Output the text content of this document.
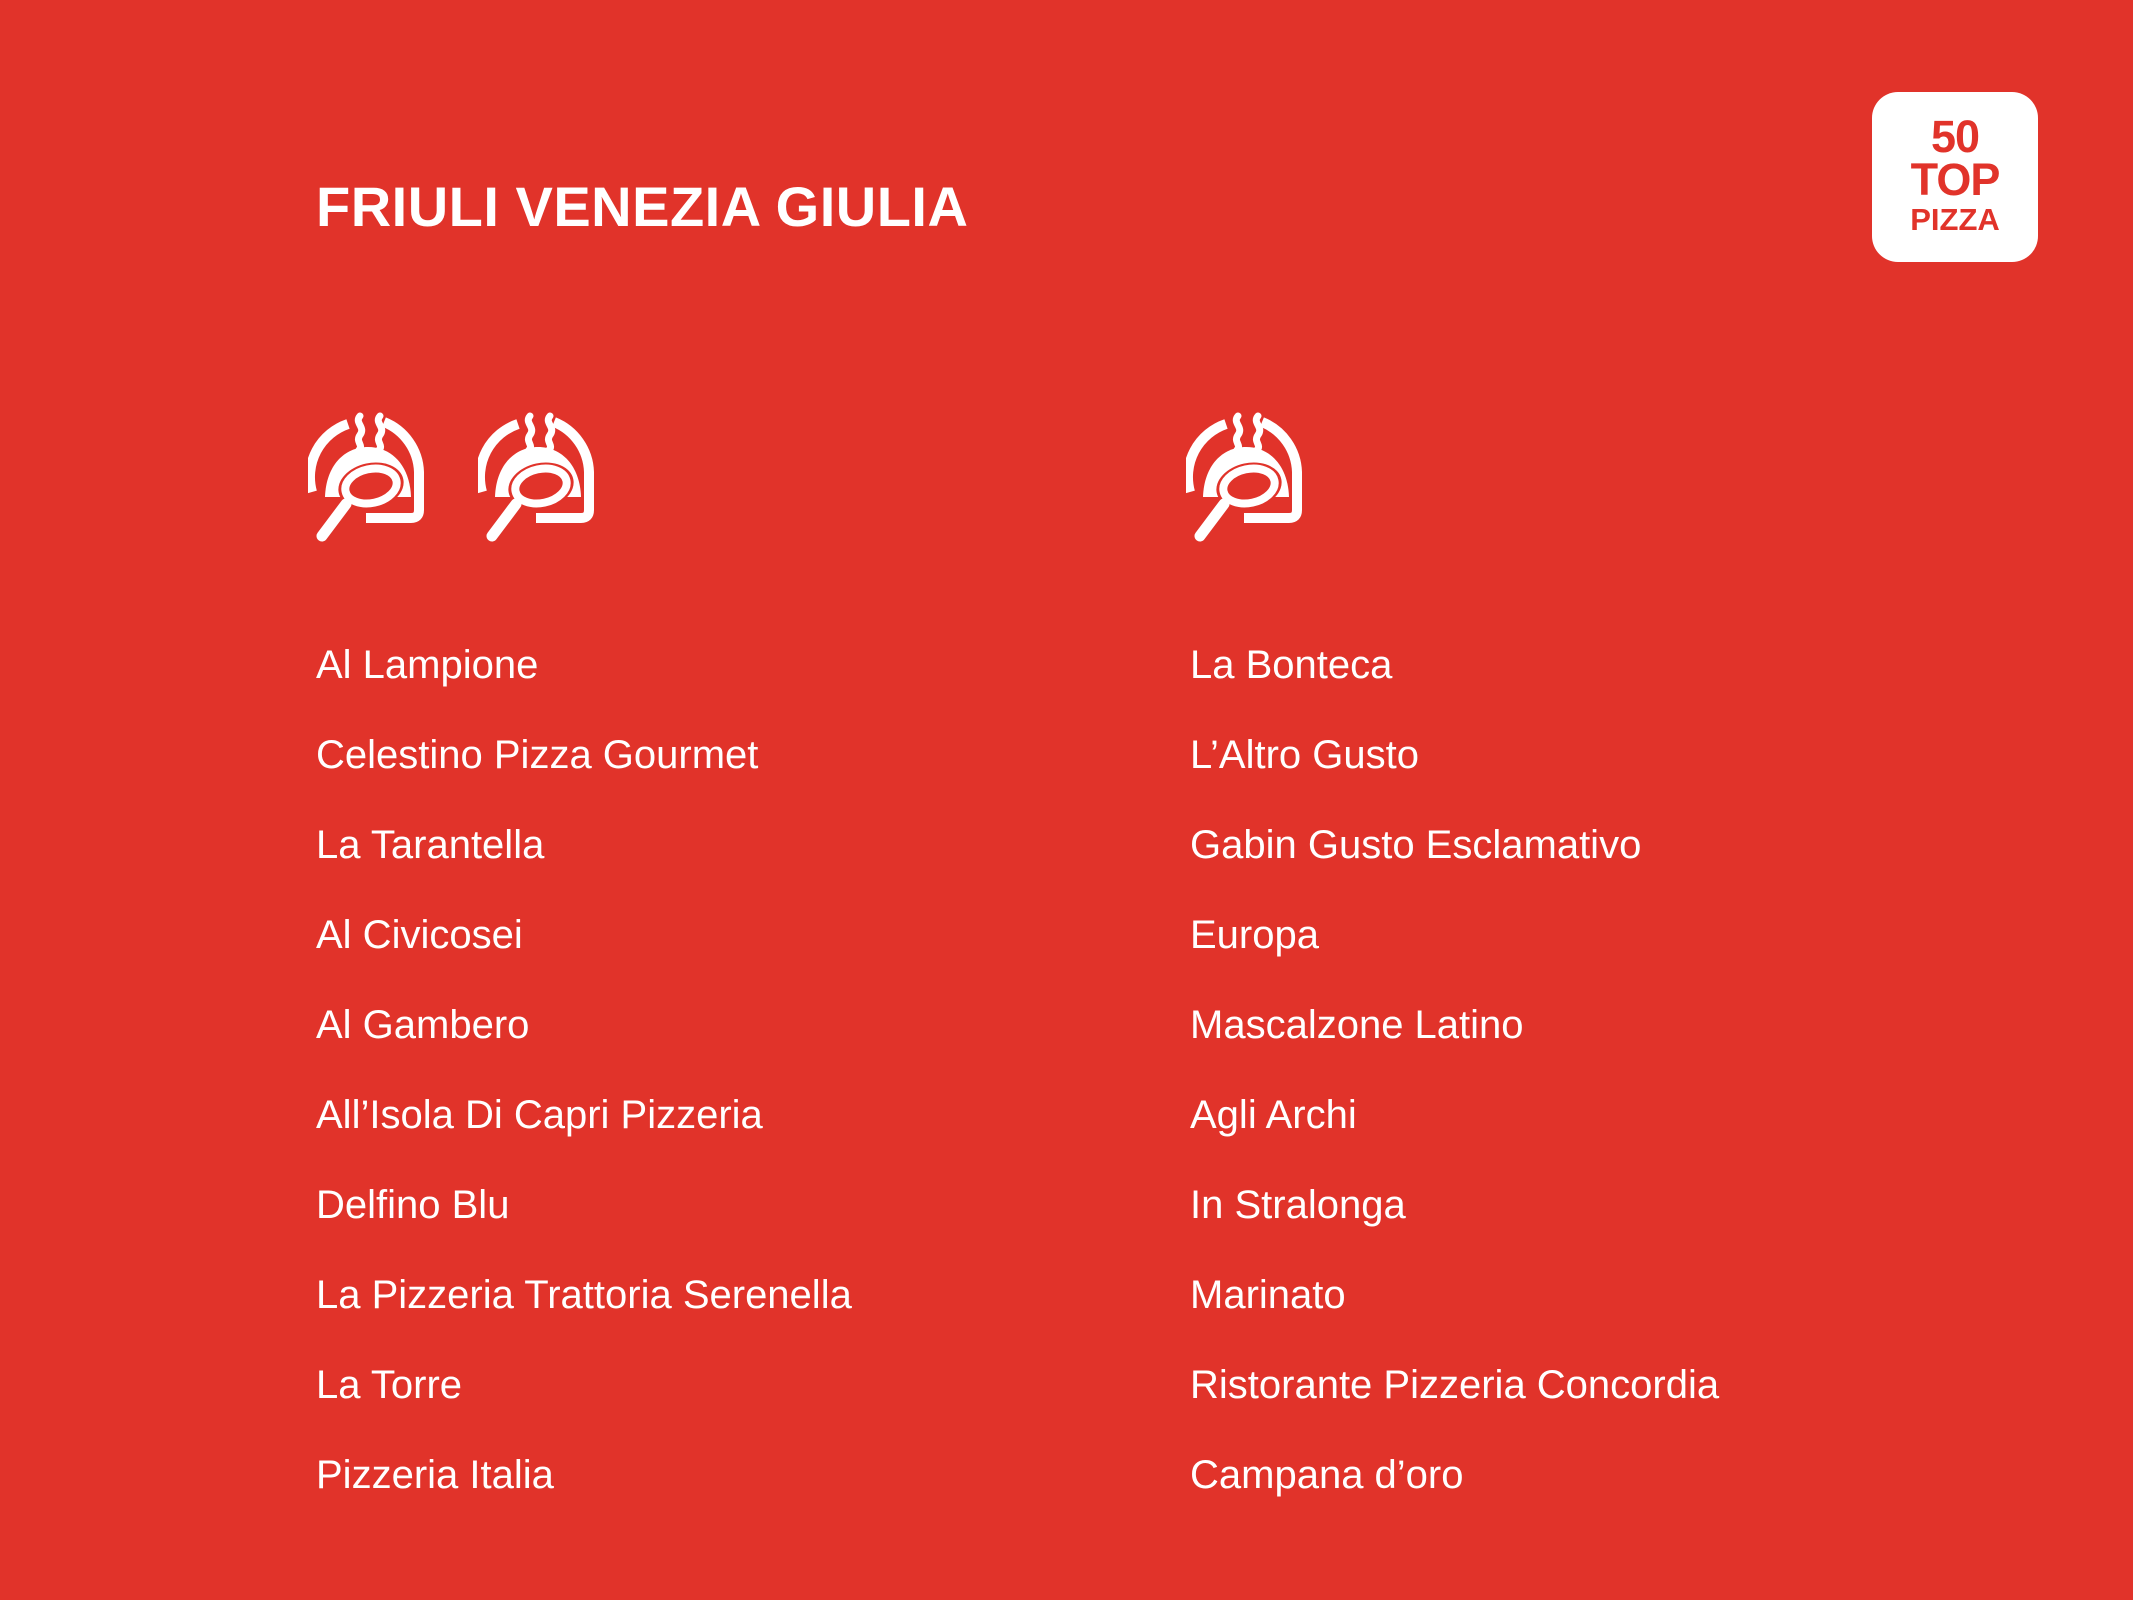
FRIULI VENEZIA GIULIA
50
TOP
PIZZA
Al Lampione
Celestino Pizza Gourmet
La Tarantella
Al Civicosei
Al Gambero
All’Isola Di Capri Pizzeria
Delfino Blu
La Pizzeria Trattoria Serenella
La Torre
Pizzeria Italia
La Bonteca
L’Altro Gusto
Gabin Gusto Esclamativo
Europa
Mascalzone Latino
Agli Archi
In Stralonga
Marinato
Ristorante Pizzeria Concordia
Campana d’oro
